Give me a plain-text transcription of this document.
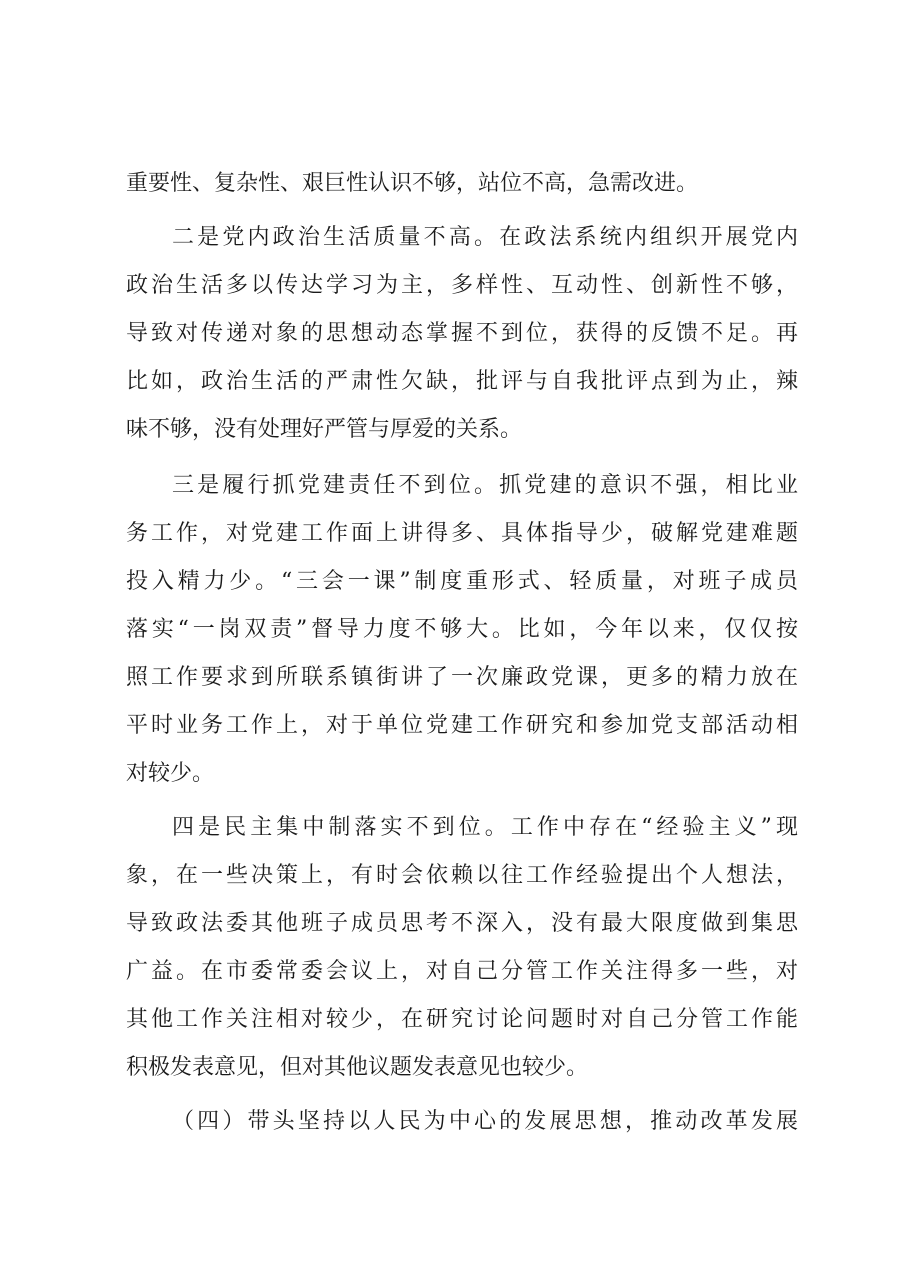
重要性、复杂性、艰巨性认识不够，站位不高，急需改进。
二是党内政治生活质量不高。在政法系统内组织开展党内
政治生活多以传达学习为主，多样性、互动性、创新性不够，
导致对传递对象的思想动态掌握不到位，获得的反馈不足。再
比如，政治生活的严肃性欠缺，批评与自我批评点到为止，辣
味不够，没有处理好严管与厚爱的关系。
三是履行抓党建责任不到位。抓党建的意识不强，相比业
务工作，对党建工作面上讲得多、具体指导少，破解党建难题
投入精力少。“三会一课”制度重形式、轻质量，对班子成员
落实“一岗双责”督导力度不够大。比如，今年以来，仅仅按
照工作要求到所联系镇街讲了一次廉政党课，更多的精力放在
平时业务工作上，对于单位党建工作研究和参加党支部活动相
对较少。
四是民主集中制落实不到位。工作中存在“经验主义”现
象，在一些决策上，有时会依赖以往工作经验提出个人想法，
导致政法委其他班子成员思考不深入，没有最大限度做到集思
广益。在市委常委会议上，对自己分管工作关注得多一些，对
其他工作关注相对较少，在研究讨论问题时对自己分管工作能
积极发表意见，但对其他议题发表意见也较少。
（四）带头坚持以人民为中心的发展思想，推动改革发展
